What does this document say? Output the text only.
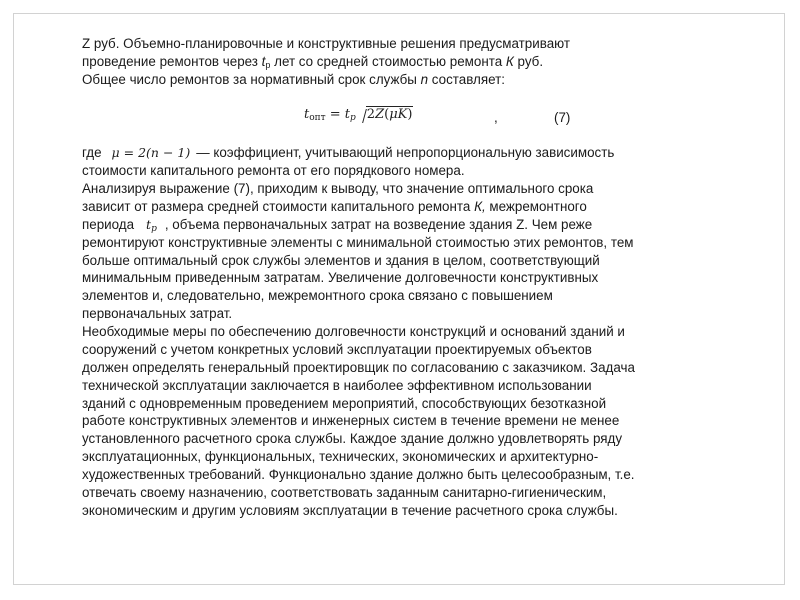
Z руб. Объемно-планировочные и конструктивные решения предусматривают
проведение ремонтов через $t_р$ лет со средней стоимостью ремонта К руб.
Общее число ремонтов за нормативный срок службы n составляет:
$t_{опт} = t_p$ 2Z(μK)	,	(7)
где μ = 2(n − 1) — коэффициент, учитывающий непропорциональную зависимость
стоимости капитального ремонта от его порядкового номера.
Анализируя выражение (7), приходим к выводу, что значение оптимального срока
зависит от размера средней стоимости капитального ремонта К, межремонтного
периода $t_p$ , объема первоначальных затрат на возведение здания Z. Чем реже
ремонтируют конструктивные элементы с минимальной стоимостью этих ремонтов, тем
больше оптимальный срок службы элементов и здания в целом, соответствующий
минимальным приведенным затратам. Увеличение долговечности конструктивных
элементов и, следовательно, межремонтного срока связано с повышением
первоначальных затрат.
Необходимые меры по обеспечению долговечности конструкций и оснований зданий и
сооружений с учетом конкретных условий эксплуатации проектируемых объектов
должен определять генеральный проектировщик по согласованию с заказчиком. Задача
технической эксплуатации заключается в наиболее эффективном использовании
зданий с одновременным проведением мероприятий, способствующих безотказной
работе конструктивных элементов и инженерных систем в течение времени не менее
установленного расчетного срока службы. Каждое здание должно удовлетворять ряду
эксплуатационных, функциональных, технических, экономических и архитектурно-
художественных требований. Функционально здание должно быть целесообразным, т.е.
отвечать своему назначению, соответствовать заданным санитарно-гигиеническим,
экономическим и другим условиям эксплуатации в течение расчетного срока службы.
